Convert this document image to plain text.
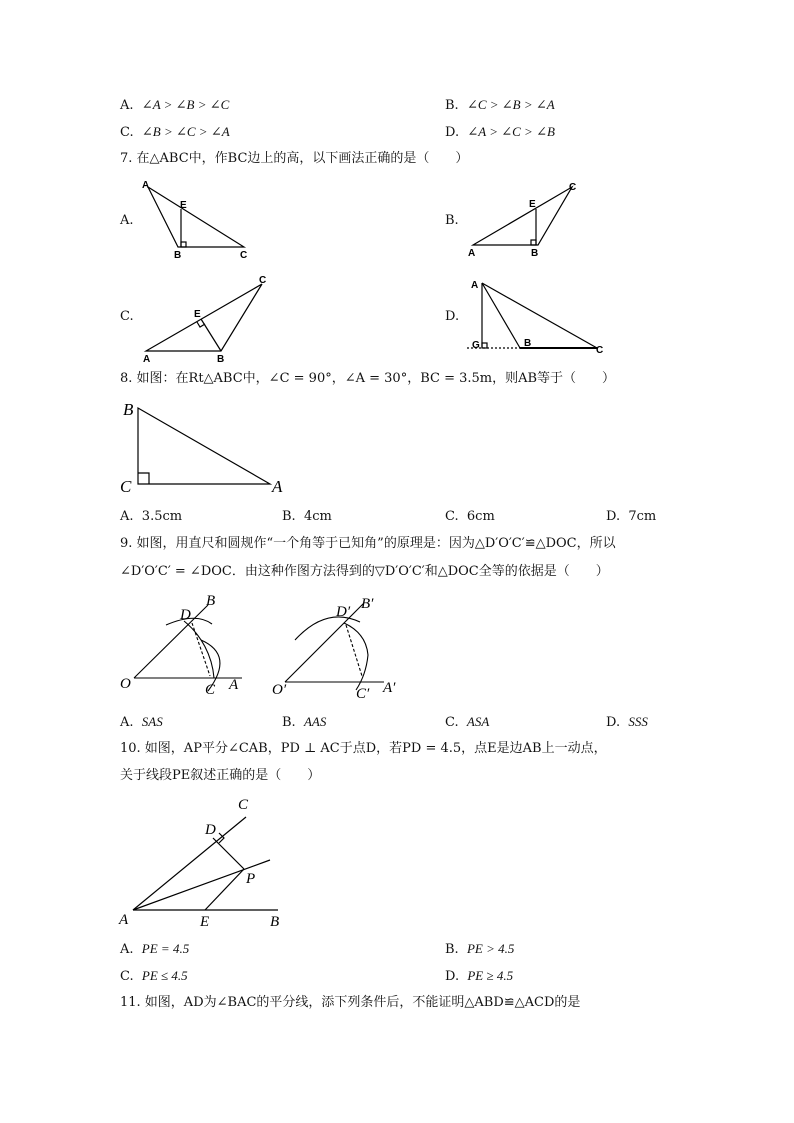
A. ∠A > ∠B > ∠C	B. ∠C > ∠B > ∠A
C. ∠B > ∠C > ∠A	D. ∠A > ∠C > ∠B
7. 在△ABC中，作BC边上的高，以下画法正确的是（　　）
A.	B.
C.	D.
A
E
B	C	A
E
B
C
A
E
B
C	A
G	B
C
8. 如图：在Rt△ABC中，∠C = 90°，∠A = 30°，BC = 3.5m，则AB等于（　　）
B
C	A
A. 3.5cm	B. 4cm	C. 6cm	D. 7cm
9. 如图，用直尺和圆规作“一个角等于已知角”的原理是：因为△D′O′C′≌△DOC，所以
∠D′O′C′ = ∠DOC．由这种作图方法得到的▽D′O′C′和△DOC全等的依据是（　　）
D
B
O	C A
D′ B′
O′	C′ A′
A. SAS	B. AAS	C. ASA	D. SSS
10. 如图，AP平分∠CAB，PD ⊥ AC于点D，若PD = 4.5，点E是边AB上一动点，
关于线段PE叙述正确的是（　　）
C
D
P
A	E	B
A. PE = 4.5	B. PE > 4.5
C. PE ≤ 4.5	D. PE ≥ 4.5
11. 如图，AD为∠BAC的平分线，添下列条件后，不能证明△ABD≌△ACD的是
